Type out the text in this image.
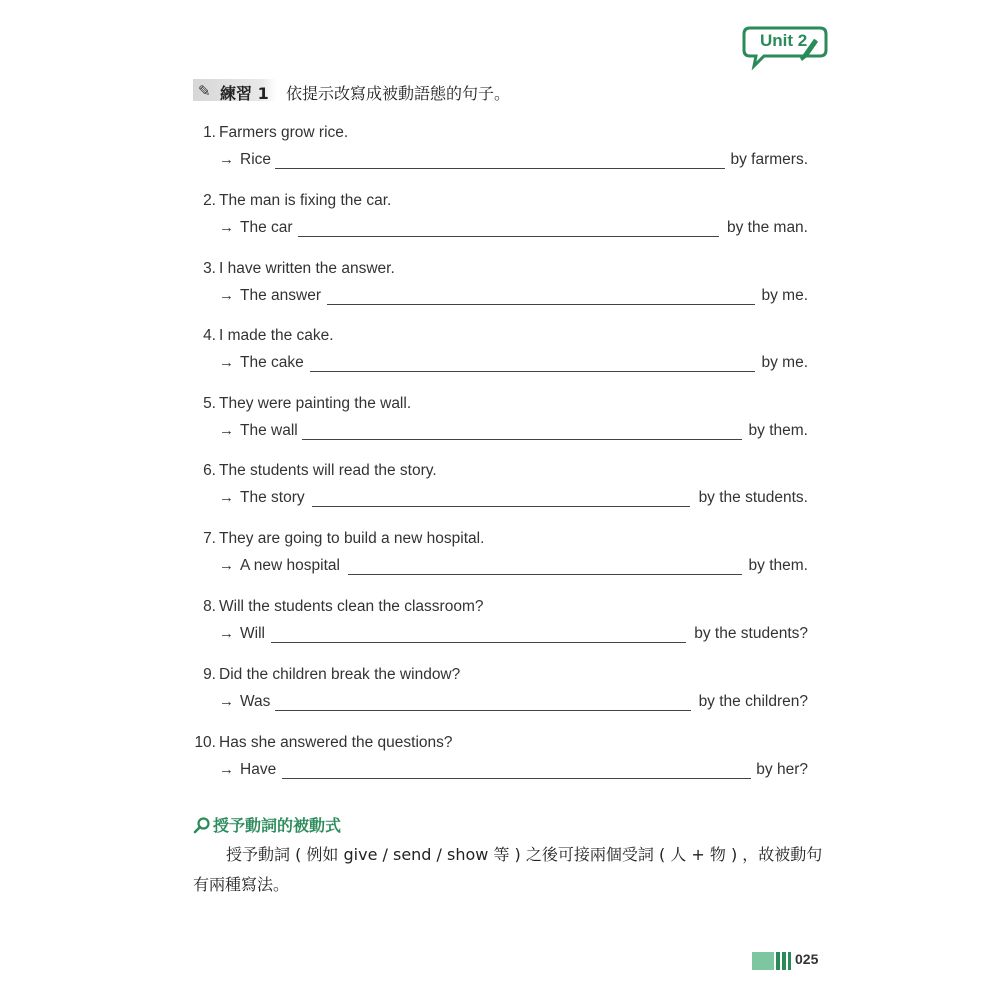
Unit 2
✎ 練習 1 依提示改寫成被動語態的句子。
1. Farmers grow rice.
→ Rice	by farmers.
2. The man is fixing the car.
→ The car	by the man.
3. I have written the answer.
→ The answer	by me.
4. I made the cake.
→ The cake	by me.
5. They were painting the wall.
→ The wall	by them.
6. The students will read the story.
→ The story	by the students.
7. They are going to build a new hospital.
→ A new hospital	by them.
8. Will the students clean the classroom?
→ Will	by the students?
9. Did the children break the window?
→ Was	by the children?
10. Has she answered the questions?
→ Have	by her?
授予動詞的被動式
授予動詞 ( 例如 give / send / show 等 ) 之後可接兩個受詞 ( 人 + 物 ) ，故被動句
有兩種寫法。
025
